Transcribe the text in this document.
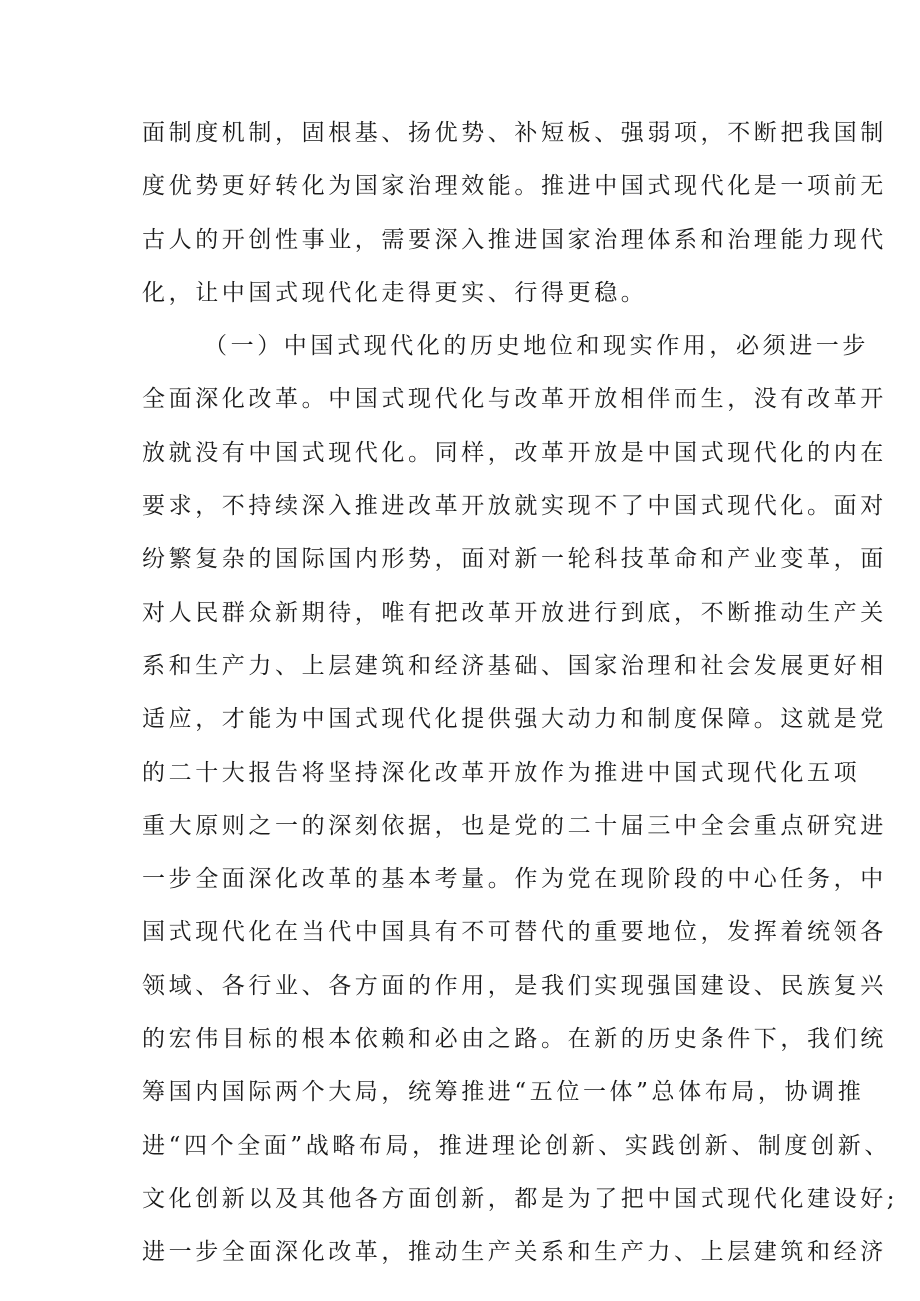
面制度机制，固根基、扬优势、补短板、强弱项，不断把我国制
度优势更好转化为国家治理效能。推进中国式现代化是一项前无
古人的开创性事业，需要深入推进国家治理体系和治理能力现代
化，让中国式现代化走得更实、行得更稳。
（一）中国式现代化的历史地位和现实作用，必须进一步
全面深化改革。中国式现代化与改革开放相伴而生，没有改革开
放就没有中国式现代化。同样，改革开放是中国式现代化的内在
要求，不持续深入推进改革开放就实现不了中国式现代化。面对
纷繁复杂的国际国内形势，面对新一轮科技革命和产业变革，面
对人民群众新期待，唯有把改革开放进行到底，不断推动生产关
系和生产力、上层建筑和经济基础、国家治理和社会发展更好相
适应，才能为中国式现代化提供强大动力和制度保障。这就是党
的二十大报告将坚持深化改革开放作为推进中国式现代化五项
重大原则之一的深刻依据，也是党的二十届三中全会重点研究进
一步全面深化改革的基本考量。作为党在现阶段的中心任务，中
国式现代化在当代中国具有不可替代的重要地位，发挥着统领各
领域、各行业、各方面的作用，是我们实现强国建设、民族复兴
的宏伟目标的根本依赖和必由之路。在新的历史条件下，我们统
筹国内国际两个大局，统筹推进“五位一体”总体布局，协调推
进“四个全面”战略布局，推进理论创新、实践创新、制度创新、
文化创新以及其他各方面创新，都是为了把中国式现代化建设好;
进一步全面深化改革，推动生产关系和生产力、上层建筑和经济
